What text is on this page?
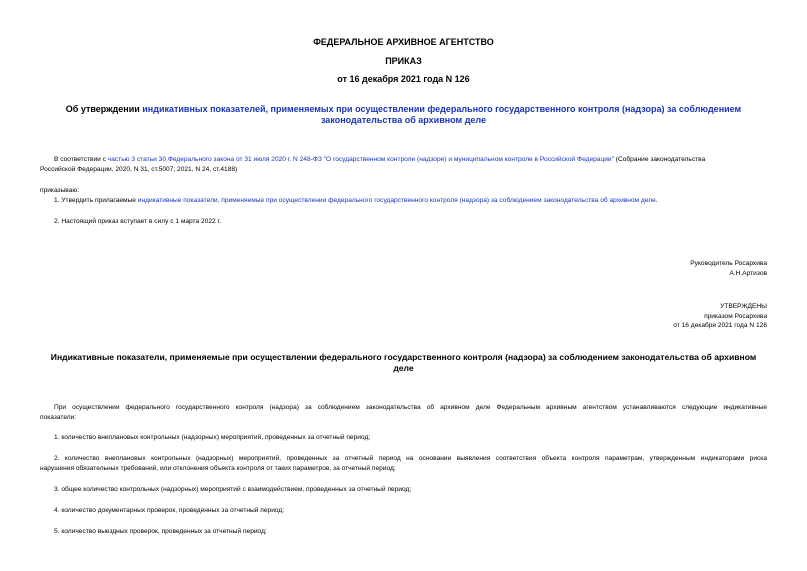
ФЕДЕРАЛЬНОЕ АРХИВНОЕ АГЕНТСТВО
ПРИКАЗ
от 16 декабря 2021 года N 126
Об утверждении индикативных показателей, применяемых при осуществлении федерального государственного контроля (надзора) за соблюдением
законодательства об архивном деле
В соответствии с частью 3 статьи 30 Федерального закона от 31 июля 2020 г. N 248-ФЗ "О государственном контроле (надзоре) и муниципальном контроле в Российской Федерации" (Собрание законодательства
Российской Федерации, 2020, N 31, ст.5007; 2021, N 24, ст.4188)
приказываю:
1. Утвердить прилагаемые индикативные показатели, применяемые при осуществлении федерального государственного контроля (надзора) за соблюдением законодательства об архивном деле.
2. Настоящий приказ вступает в силу с 1 марта 2022 г.
Руководитель Росархива
А.Н.Артизов
УТВЕРЖДЕНЫ
приказом Росархива
от 16 декабря 2021 года N 126
Индикативные показатели, применяемые при осуществлении федерального государственного контроля (надзора) за соблюдением законодательства об архивном
деле
При осуществлении федерального государственного контроля (надзора) за соблюдением законодательства об архивном деле Федеральным архивным агентством устанавливаются следующие индикативные
показатели:
1. количество внеплановых контрольных (надзорных) мероприятий, проведенных за отчетный период;
2. количество внеплановых контрольных (надзорных) мероприятий, проведенных за отчетный период на основании выявления соответствия объекта контроля параметрам, утвержденным индикаторами риска
нарушения обязательных требований, или отклонения объекта контроля от таких параметров, за отчетный период;
3. общее количество контрольных (надзорных) мероприятий с взаимодействием, проведенных за отчетный период;
4. количество документарных проверок, проведенных за отчетный период;
5. количество выездных проверок, проведенных за отчетный период;
